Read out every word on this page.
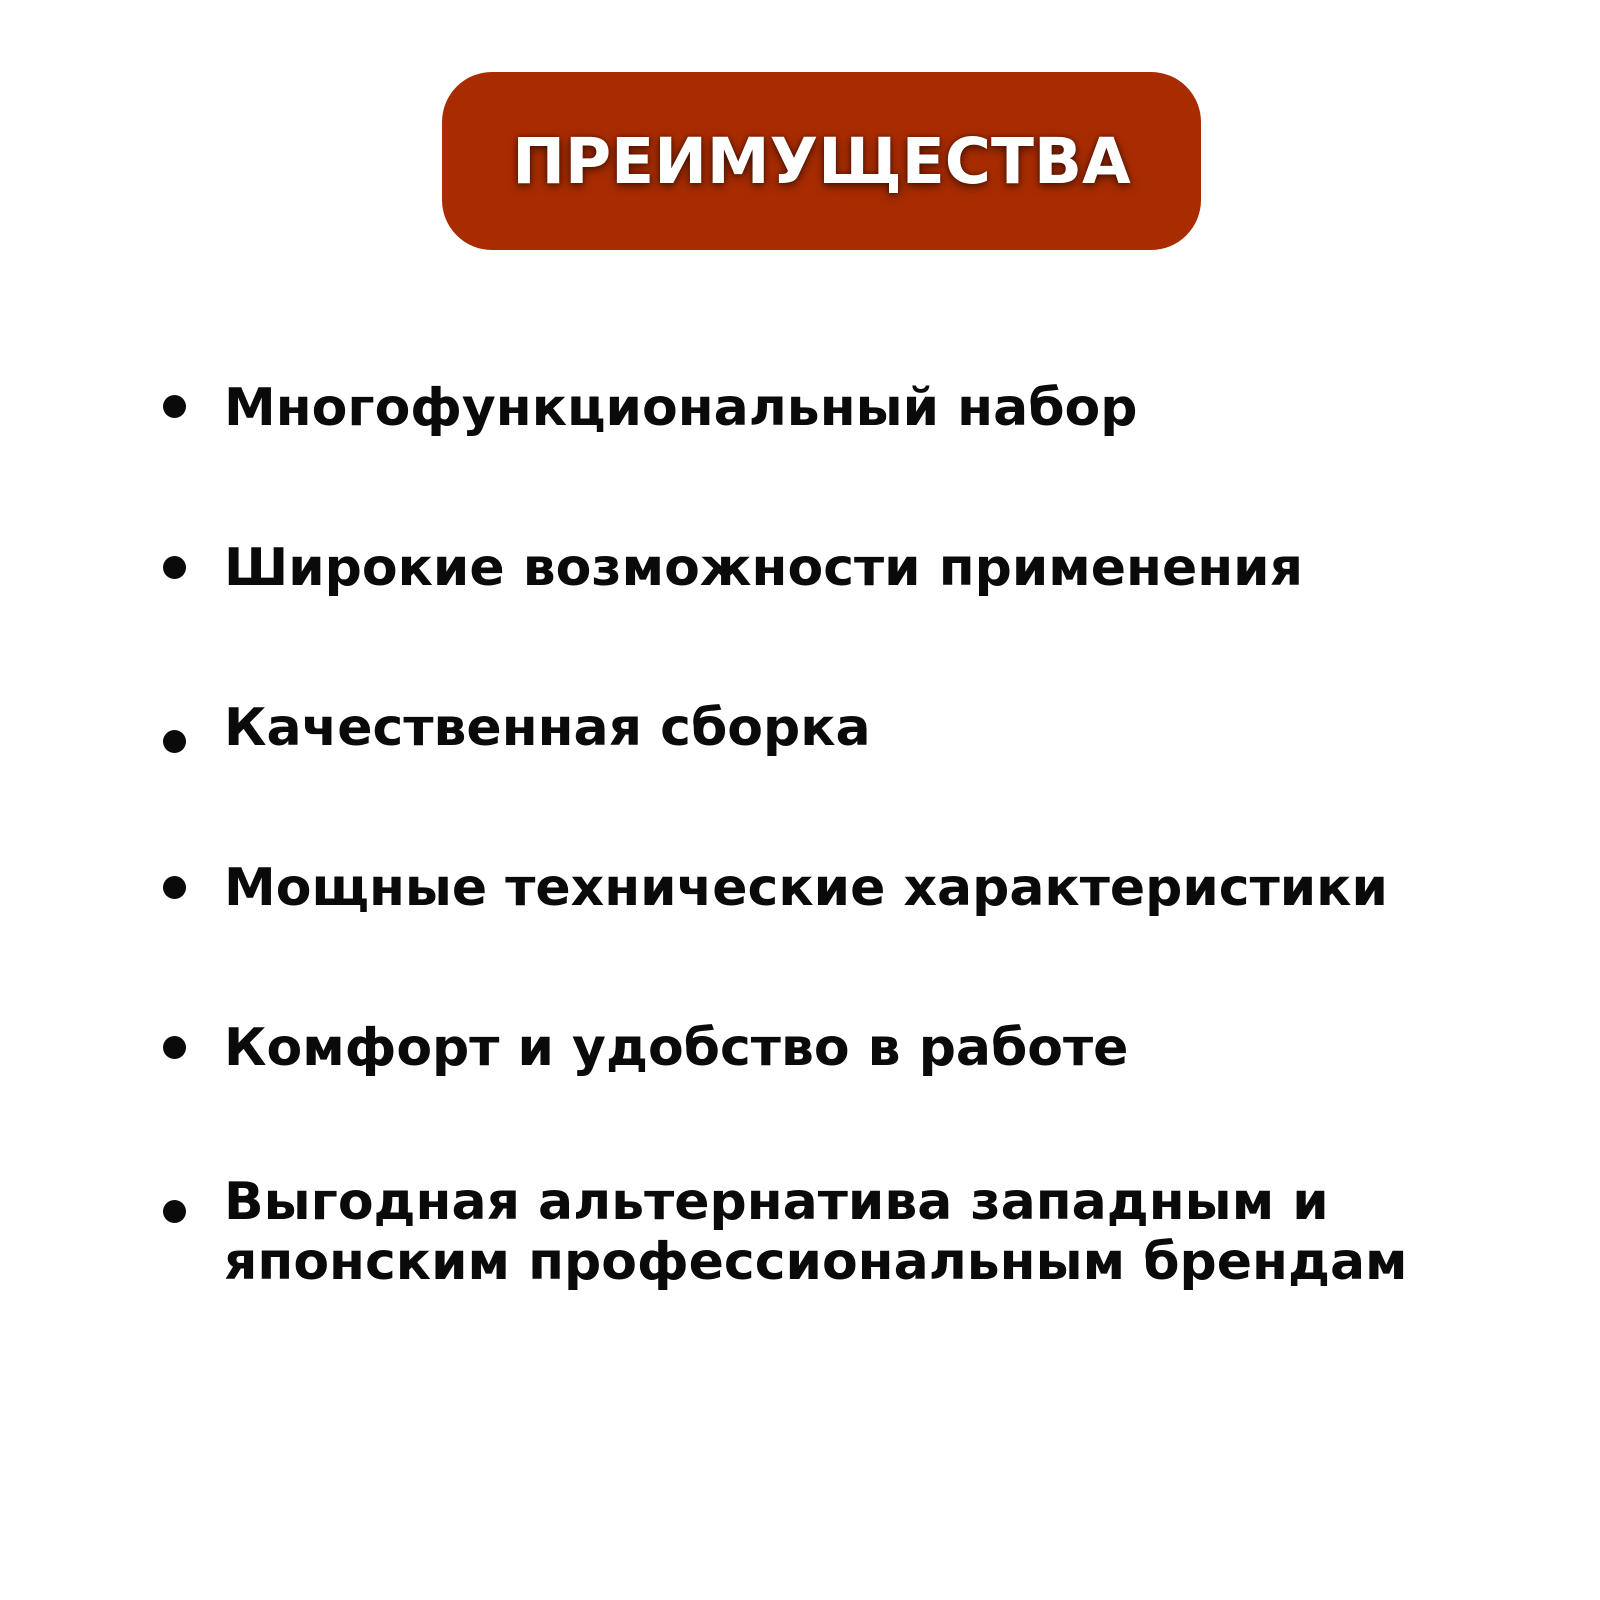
ПРЕИМУЩЕСТВА
Многофункциональный набор
Широкие возможности применения
Качественная сборка
Мощные технические характеристики
Комфорт и удобство в работе
Выгодная альтернатива западным и
японским профессиональным брендам
